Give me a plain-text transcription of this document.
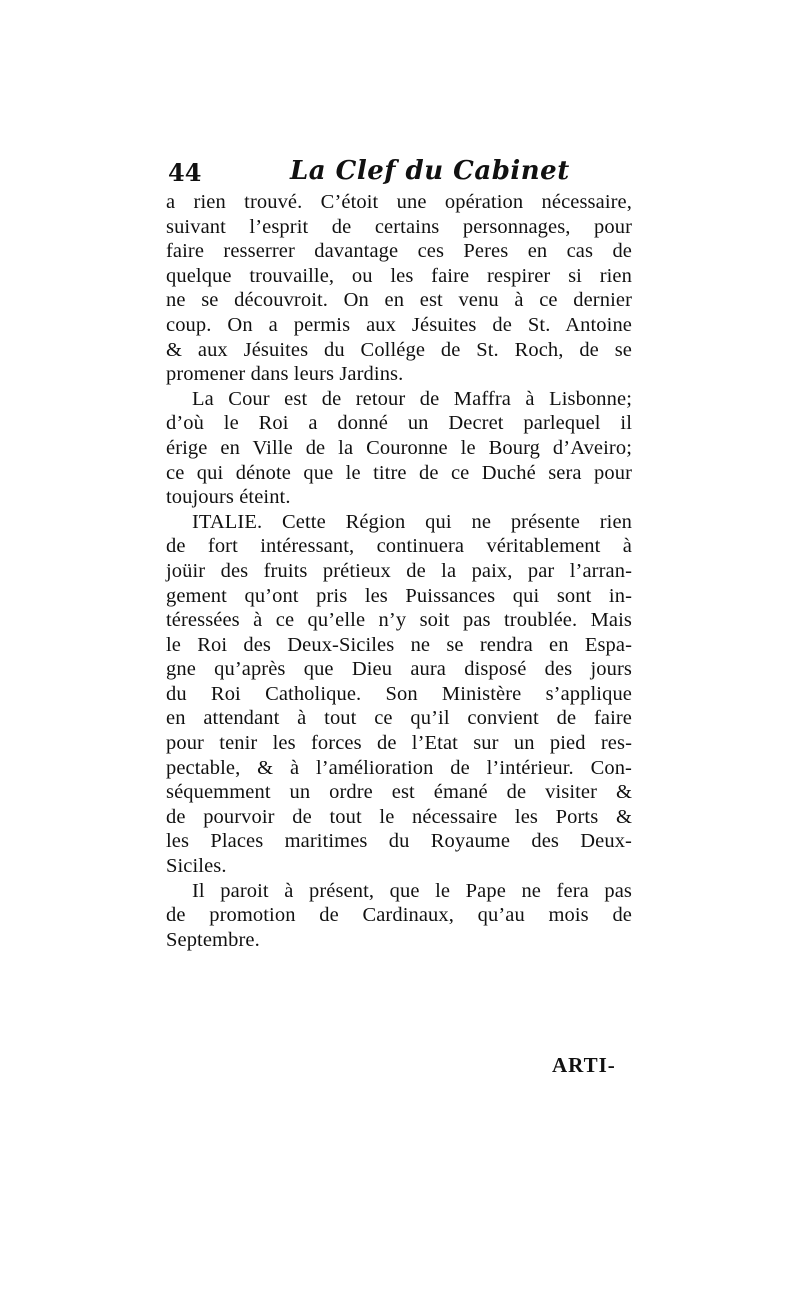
44	La Clef du Cabinet
a rien trouvé. C’étoit une opération nécessaire,
suivant l’esprit de certains personnages, pour
faire resserrer davantage ces Peres en cas de
quelque trouvaille, ou les faire respirer si rien
ne se découvroit. On en est venu à ce dernier
coup. On a permis aux Jésuites de St. Antoine
& aux Jésuites du Collége de St. Roch, de se
promener dans leurs Jardins.
La Cour est de retour de Maffra à Lisbonne;
d’où le Roi a donné un Decret parlequel il
érige en Ville de la Couronne le Bourg d’Aveiro;
ce qui dénote que le titre de ce Duché sera pour
toujours éteint.
ITALIE. Cette Région qui ne présente rien
de fort intéressant, continuera véritablement à
joüir des fruits prétieux de la paix, par l’arran-
gement qu’ont pris les Puissances qui sont in-
téressées à ce qu’elle n’y soit pas troublée. Mais
le Roi des Deux-Siciles ne se rendra en Espa-
gne qu’après que Dieu aura disposé des jours
du Roi Catholique. Son Ministère s’applique
en attendant à tout ce qu’il convient de faire
pour tenir les forces de l’Etat sur un pied res-
pectable, & à l’amélioration de l’intérieur. Con-
séquemment un ordre est émané de visiter &
de pourvoir de tout le nécessaire les Ports &
les Places maritimes du Royaume des Deux-
Siciles.
Il paroit à présent, que le Pape ne fera pas
de promotion de Cardinaux, qu’au mois de
Septembre.
ARTI-
